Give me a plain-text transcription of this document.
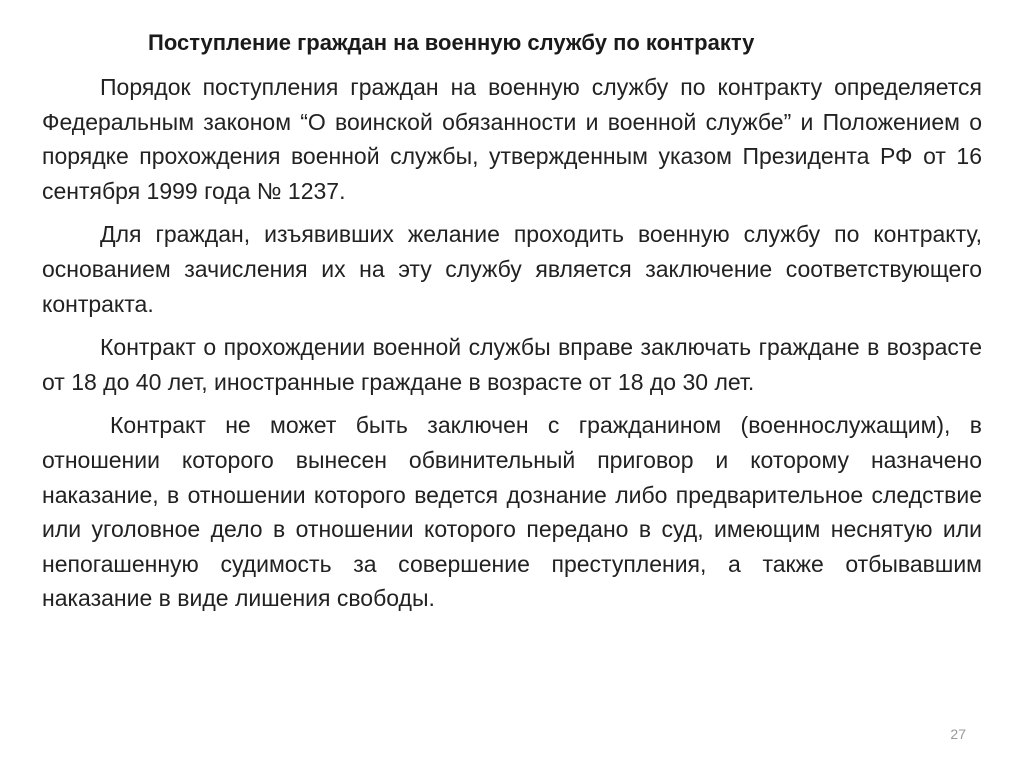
Поступление граждан на военную службу по контракту

Порядок поступления граждан на военную службу по контракту определяется Федеральным законом “О воинской обязанности и военной службе” и Положением о порядке прохождения военной службы, утвержденным указом Президента РФ от 16 сентября 1999 года № 1237.

Для граждан, изъявивших желание проходить военную службу по контракту, основанием зачисления их на эту службу является заключение соответствующего контракта.

Контракт о прохождении военной службы вправе заключать граждане в возрасте от 18 до 40 лет, иностранные граждане в возрасте от 18 до 30 лет.

Контракт не может быть заключен с гражданином (военнослужащим), в отношении которого вынесен обвинительный приговор и которому назначено наказание, в отношении которого ведется дознание либо предварительное следствие или уголовное дело в отношении которого передано в суд, имеющим неснятую или непогашенную судимость за совершение преступления, а также отбывавшим наказание в виде лишения свободы.

27
